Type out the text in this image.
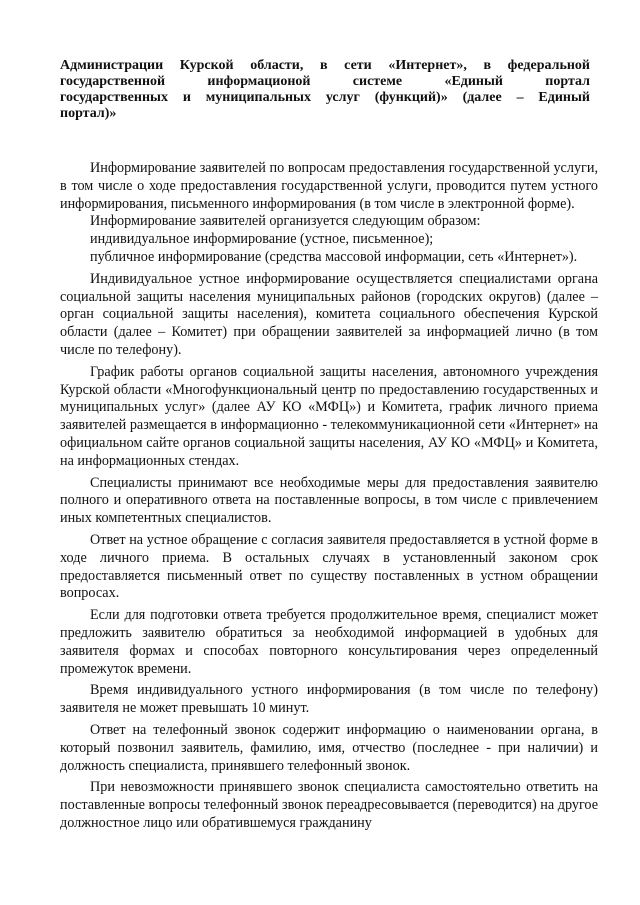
Администрации Курской области, в сети «Интернет», в федеральной
государственной информационой системе «Единый портал
государственных и муниципальных услуг (функций)» (далее – Единый
портал)»

Информирование заявителей по вопросам предоставления государственной услуги, в том числе о ходе предоставления государственной услуги, проводится путем устного информирования, письменного информирования (в том числе в электронной форме).

Информирование заявителей организуется следующим образом:

индивидуальное информирование (устное, письменное);

публичное информирование (средства массовой информации, сеть «Интернет»).

Индивидуальное устное информирование осуществляется специалистами органа социальной защиты населения муниципальных районов (городских округов) (далее – орган социальной защиты населения), комитета социального обеспечения Курской области (далее – Комитет) при обращении заявителей за информацией лично (в том числе по телефону).

График работы органов социальной защиты населения, автономного учреждения Курской области «Многофункциональный центр по предоставлению государственных и муниципальных услуг» (далее АУ КО «МФЦ») и Комитета, график личного приема заявителей размещается в информационно - телекоммуникационной сети «Интернет» на официальном сайте органов социальной защиты населения, АУ КО «МФЦ» и Комитета, на информационных стендах.

Специалисты принимают все необходимые меры для предоставления заявителю полного и оперативного ответа на поставленные вопросы, в том числе с привлечением иных компетентных специалистов.

Ответ на устное обращение с согласия заявителя предоставляется в устной форме в ходе личного приема. В остальных случаях в установленный законом срок предоставляется письменный ответ по существу поставленных в устном обращении вопросах.

Если для подготовки ответа требуется продолжительное время, специалист может предложить заявителю обратиться за необходимой информацией в удобных для заявителя формах и способах повторного консультирования через определенный промежуток времени.

Время индивидуального устного информирования (в том числе по телефону) заявителя не может превышать 10 минут.

Ответ на телефонный звонок содержит информацию о наименовании органа, в который позвонил заявитель, фамилию, имя, отчество (последнее - при наличии) и должность специалиста, принявшего телефонный звонок.

При невозможности принявшего звонок специалиста самостоятельно ответить на поставленные вопросы телефонный звонок переадресовывается (переводится) на другое должностное лицо или обратившемуся гражданину
